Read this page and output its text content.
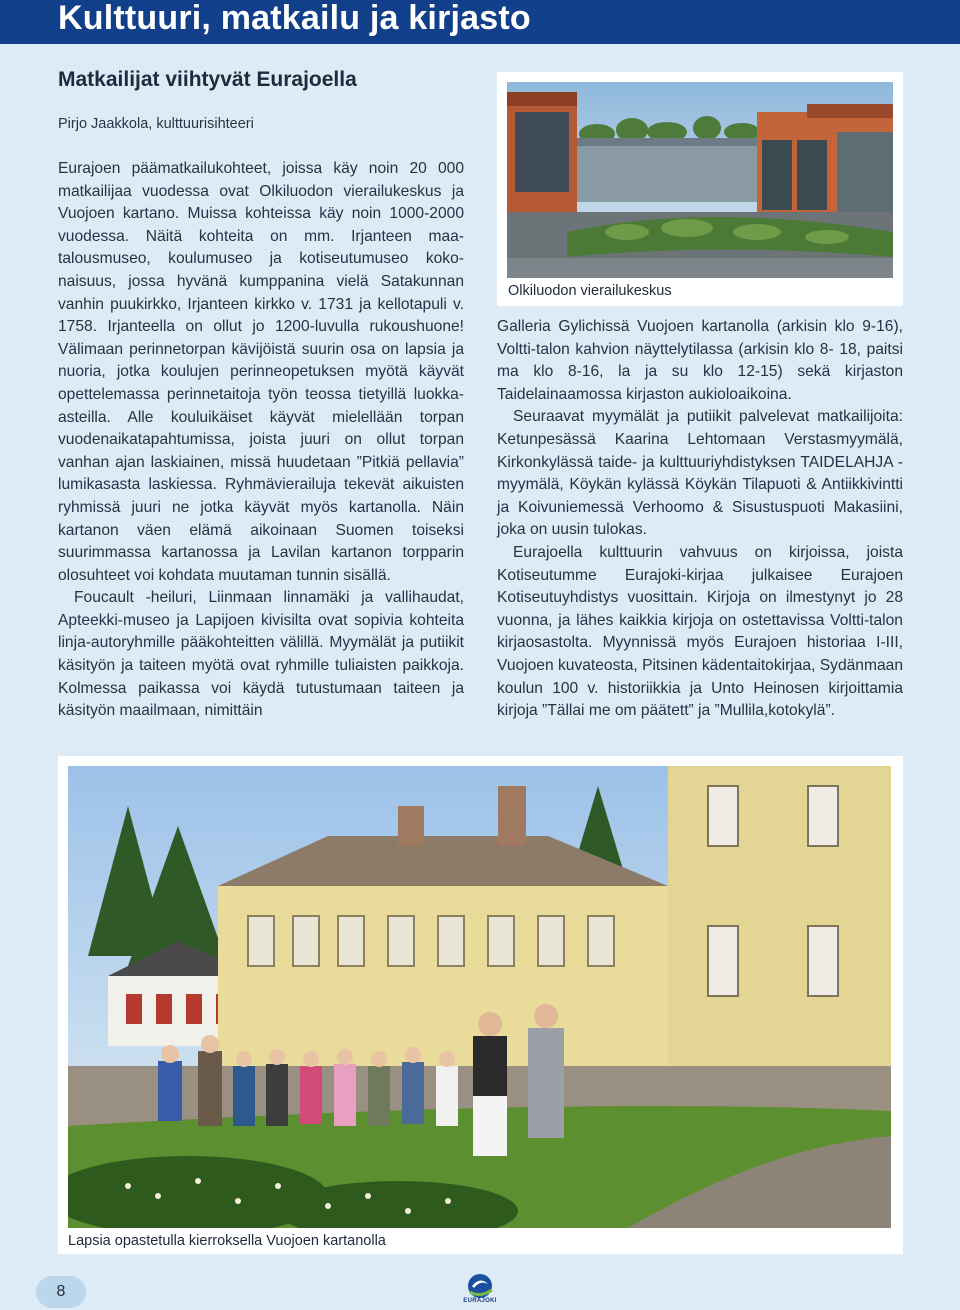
Kulttuuri, matkailu ja kirjasto
Matkailijat viihtyvät Eurajoella
Pirjo Jaakkola, kulttuurisihteeri

Eurajoen päämatkailukohteet, joissa käy noin 20 000 matkailijaa vuodessa ovat Olkiluodon vierailukeskus ja Vuojoen kartano. Muissa kohteissa käy noin 1000-2000 vuodessa. Näitä kohteita on mm. Irjanteen maatalousmuseo, koulumuseo ja kotiseutumuseo kokonaisuus, jossa hyvänä kumppanina vielä Satakunnan vanhin puukirkko, Irjanteen kirkko v. 1731 ja kellotapuli v. 1758. Irjanteella on ollut jo 1200-luvulla rukoushuone! Välimaan perinnetorpan kävijöistä suurin osa on lapsia ja nuoria, jotka koulujen perinneopetuksen myötä käyvät opettelemassa perinnetaitoja työn teossa tietyillä luokka-asteilla. Alle kouluikäiset käyvät mielellään torpan vuodenaikatapahtumissa, joista juuri on ollut torpan vanhan ajan laskiainen, missä huudetaan ”Pitkiä pellavia” lumikasasta laskiessa. Ryhmävierailuja tekevät aikuisten ryhmissä juuri ne jotka käyvät myös kartanolla. Näin kartanon väen elämä aikoinaan Suomen toiseksi suurimmassa kartanossa ja Lavilan kartanon torpparin olosuhteet voi kohdata muutaman tunnin sisällä.

Foucault -heiluri, Liinmaan linnamäki ja vallihaudat, Apteekki-museo ja Lapijoen kivisilta ovat sopivia kohteita linja-autoryhmille pääkohteitten välillä. Myymälät ja putiikit käsityön ja taiteen myötä ovat ryhmille tuliaisten paikkoja. Kolmessa paikassa voi käydä tutustumaan taiteen ja käsityön maailmaan, nimittäin

Olkiluodon vierailukeskus

Galleria Gylichissä Vuojoen kartanolla (arkisin klo 9-16), Voltti-talon kahvion näyttelytilassa (arkisin klo 8- 18, paitsi ma klo 8-16, la ja su klo 12-15) sekä kirjaston Taidelainaamossa kirjaston aukioloaikoina.

Seuraavat myymälät ja putiikit palvelevat matkailijoita: Ketunpesässä Kaarina Lehtomaan Verstasmyymälä, Kirkonkylässä taide- ja kulttuuriyhdistyksen TAIDELAHJA -myymälä, Köykän kylässä Köykän Tilapuoti & Antiikkivintti ja Koivuniemessä Verhoomo & Sisustuspuoti Makasiini, joka on uusin tulokas.

Eurajoella kulttuurin vahvuus on kirjoissa, joista Kotiseutumme Eurajoki-kirjaa julkaisee Eurajoen Kotiseutuyhdistys vuosittain. Kirjoja on ilmestynyt jo 28 vuonna, ja lähes kaikkia kirjoja on ostettavissa Voltti-talon kirjaosastolta. Myynnissä myös Eurajoen historiaa I-III, Vuojoen kuvateosta, Pitsinen kädentaitokirjaa, Sydänmaan koulun 100 v. historiikkia ja Unto Heinosen kirjoittamia kirjoja ”Tällai me om päätett” ja ”Mullila,kotokylä”.

Lapsia opastetulla kierroksella Vuojoen kartanolla
8
EURAJOKI
